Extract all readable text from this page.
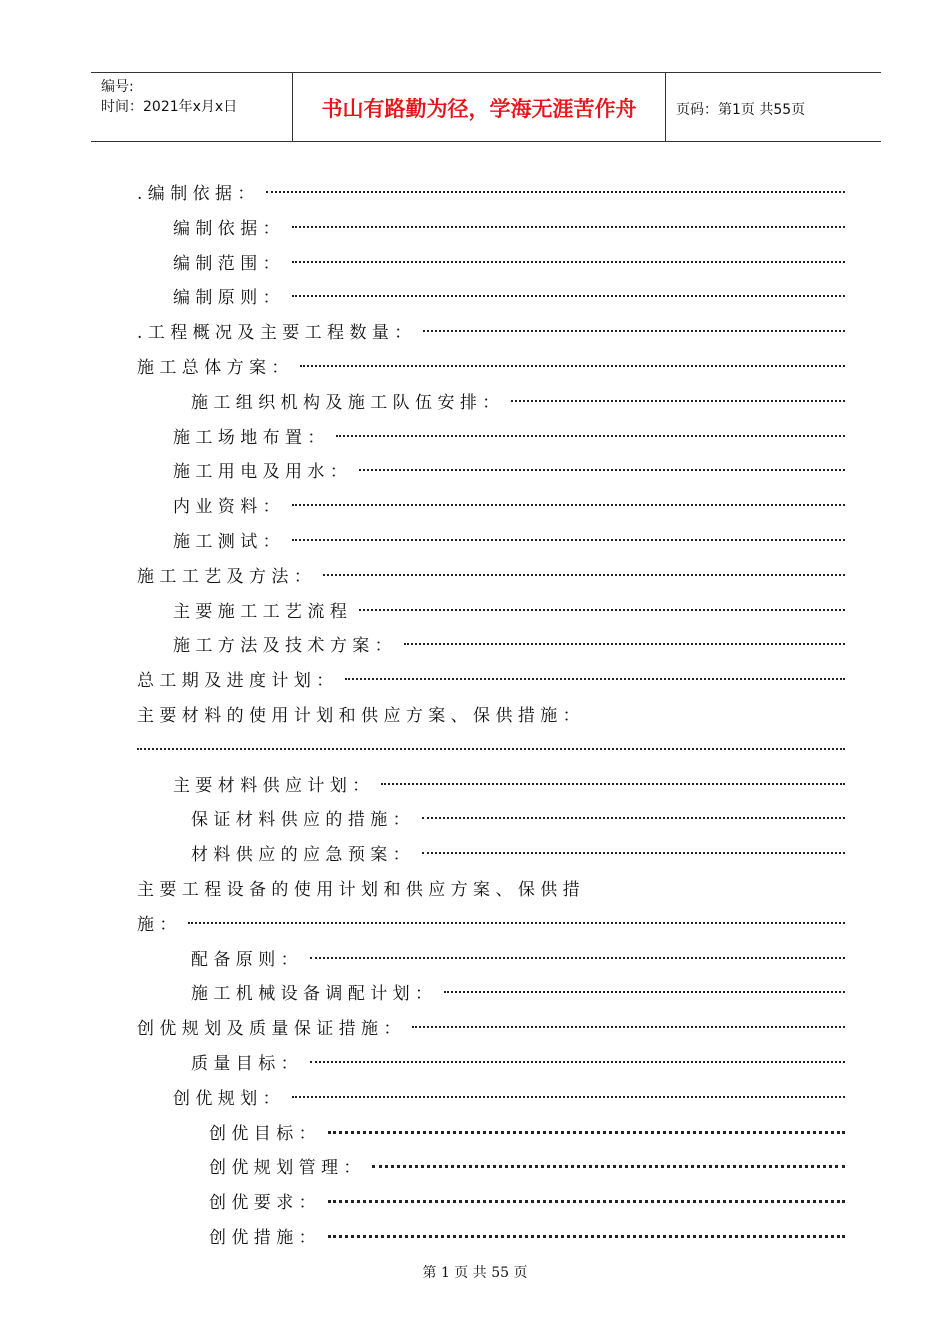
编号:
时间：2021年x月x日	书山有路勤为径，学海无涯苦作舟	页码：第1页 共55页
. 编 制 依 据 ：
编 制 依 据 ：
编 制 范 围 ：
编 制 原 则 ：
. 工 程 概 况 及 主 要 工 程 数 量 ：
施 工 总 体 方 案 ：
施 工 组 织 机 构 及 施 工 队 伍 安 排 ：
施 工 场 地 布 置 ：
施 工 用 电 及 用 水 ：
内 业 资 料 ：
施 工 测 试 ：
施 工 工 艺 及 方 法 ：
主 要 施 工 工 艺 流 程
施 工 方 法 及 技 术 方 案 ：
总 工 期 及 进 度 计 划 ：
主 要 材 料 的 使 用 计 划 和 供 应 方 案 、 保 供 措 施 ：
主 要 材 料 供 应 计 划 ：
保 证 材 料 供 应 的 措 施 ：
材 料 供 应 的 应 急 预 案 ：
主 要 工 程 设 备 的 使 用 计 划 和 供 应 方 案 、 保 供 措
施 ：
配 备 原 则 ：
施 工 机 械 设 备 调 配 计 划 ：
创 优 规 划 及 质 量 保 证 措 施 ：
质 量 目 标 ：
创 优 规 划 ：
创 优 目 标 ：
创 优 规 划 管 理 ：
创 优 要 求 ：
创 优 措 施 ：
第 1 页 共 55 页
